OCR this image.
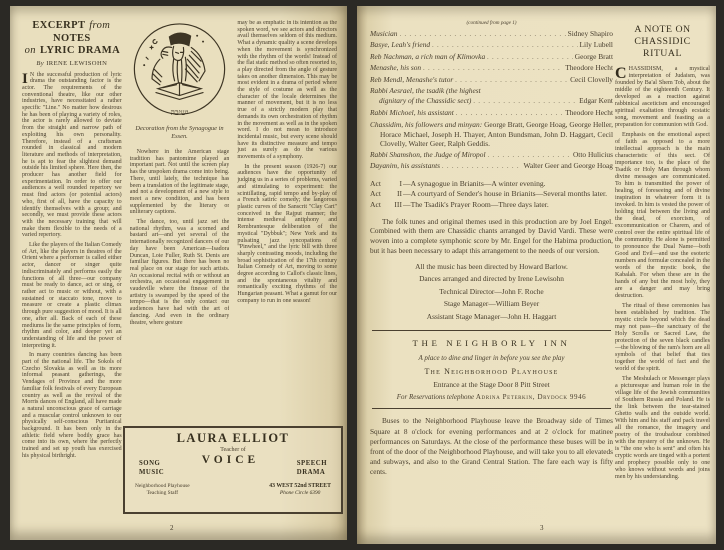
EXCERPT from NOTES
on LYRIC DRAMA
By IRENE LEWISOHN

I N the successful production of lyric drama the outstanding factor is the actor. The requirements of the conventional theatre, like our other industries, have necessitated a rather specific "Line." No matter how desirous he has been of playing a variety of roles, the actor is rarely allowed to deviate from the straight and narrow path of exploiting his own personality. Therefore, instead of a craftsman rounded in classical and modern literature and methods of interpretation, he is apt to fear the slightest demand outside his limited sphere. Here then, the producer has another field for experimentation. In order to offer our audiences a well rounded repertory we must find actors (or potential actors) who, first of all, have the capacity to identify themselves with a group; and secondly, we must provide these actors with the necessary training that will make them flexible to the needs of a varied repertory.

Like the players of the Italian Comedy of Art, like the players in theatres of the Orient where a performer is called either actor, dancer or singer quite indiscriminately and performs easily the functions of all three—our company must be ready to dance, act or sing, or rather act to music or without, with a sustained or staccato tone, move to measure or create a plastic climax through pure suggestion of mood. It is all one, after all. Back of each of these mediums lie the same principles of form, rhythm and color, and deeper yet an understanding of life and the power of interpreting it.

In many countries dancing has been part of the national life. The Sokols of Czecho Slovakia as well as its more informal peasant gatherings, the Vendages of Province and the more familiar folk festivals of every European country as well as the revival of the Morris dances of England, all have made a natural unconscious grace of carriage and a muscular control unknown to our physically self-conscious Puritanical background. It has been only in the athletic field where bodily grace has come into its own, where the perfectly trained and set up youth has exercised his physical birthright.

ישיבה
Decoration from the Synagogue in Essen.

Nowhere in the American stage tradition has pantomime played an important part. Not until the screen play has the unspoken drama come into being. There, until lately, the technique has been a translation of the legitimate stage, and not a development of a new style to meet a new condition, and has been supplemented by the literary or unliterary captions.

The dance, too, until jazz set the national rhythm, was a scorned and bastard art—and yet several of the internationally recognized dancers of our day have been American—Isadora Duncan, Loie Fuller, Ruth St. Denis are familiar figures. But there has been no real place on our stage for such artists. An occasional recital with or without an orchestra, an occasional engagement in vaudeville where the finesse of the artistry is swamped by the speed of the tempo—that is the only contact our audiences have had with the art of dancing. And even in the ordinary theatre, where gesture

may be as emphatic in its intention as the spoken word, we see actors and directors avail themselves seldom of this medium. What a dynamic quality a scene develops when the movement is synchronized with the rhythm of the words! Instead of the flat static method so often resorted to, a play directed from the angle of gesture takes on another dimension. This may be most evident in a drama of period where the style of costume as well as the character of the locale determines the manner of movement, but it is no less true of a strictly modern play that demands its own orchestration of rhythm in the movement as well as in the spoken word. I do not mean to introduce incidental music, but every scene should have its distinctive measure and tempo just as surely as do the various movements of a symphony.

In the present season (1926-7) our audiences have the opportunity of judging us in a series of problems, varied and stimulating to experiment: the scintillating, rapid tempo and by-play of a French satiric comedy; the langorous plastic curves of the Sanscrit "Clay Cart" conceived in the Rajput manner; the intense medieval antiphony and Rembrantesque deliberation of the mystical "Dybbuk"; New York and its pulsating jazz syncopations of "Pinwheel," and the lyric bill with three sharply contrasting moods, including the broad sophistication of the 17th century Italian Comedy of Art, moving to some degree according to Callot's classic lines, and the spontaneous vitality and romantically exciting rhythms of the Hungarian peasant. What a gamut for our company to run in one season!

LAURA ELLIOT
Teacher of
SONG
MUSIC
VOICE	SPEECH
DRAMA
Neighborhood Playhouse
Teaching Staff
43 WEST 52nd STREET
Phone Circle 6390
2
(continued from page 1)
Musician . . .	Sidney Shapiro
Basye, Leah's friend . . .	Lily Lubell
Reb Nachman, a rich man of Klimovka . . .	George Bratt
Menashe, his son . . .	Theodore Hecht
Reb Mendl, Menashe's tutor . . .	Cecil Clovelly
Rabbi Aesrael, the tsadik (the highest
dignitary of the Chassidic sect) . . .	Edgar Kent
Rabbi Michoel, his assistant . . .	Theodore Hecht
Chassidim, his followers and minyan: George Bratt, George Hoag, George Heller, Horace Michael, Joseph H. Thayer, Anton Bundsman, John D. Haggart, Cecil Clovelly, Walter Geer, Ralph Geddis.
Rabbi Shamshon, the Judge of Miropol . . .	Otto Hulicius
Dayanim, his assistants . . .	Walter Geer and George Hoag
Act	I —A synagogue in Brianits—A winter evening.
Act	II —A courtyard of Sender's house in Brianits—Several months later.
Act	III —The Tsadik's Prayer Room—Three days later.
The folk tunes and original themes used in this production are by Joel Engel. Combined with them are Chassidic chants arranged by David Vardi. These were woven into a complete symphonic score by Mr. Engel for the Habima production, but it has been necessary to adapt this arrangement to the needs of our version.
All the music has been directed by Howard Barlow.
Dances arranged and directed by Irene Lewisohn
Technical Director—John F. Roche
Stage Manager—William Beyer
Assistant Stage Manager—John H. Haggart
THE NEIGHBORLY INN
A place to dine and linger in before you see the play
The Neighborhood Playhouse
Entrance at the Stage Door 8 Pitt Street
For Reservations telephone Adrina Peterkin, Drydock 9946
Buses to the Neighborhood Playhouse leave the Broadway side of Times Square at 8 o'clock for evening performances and at 2 o'clock for matinee performances on Saturdays. At the close of the performance these buses will be in front of the door of the Neighborhood Playhouse, and will take you to all elevateds and subways, and also to the Grand Central Station. The fare each way is fifty cents.
A NOTE ON
CHASSIDIC RITUAL

CHASSIDISM, a mystical interpretation of Judaism, was founded by Ba'al Shem Tob, about the middle of the eighteenth Century. It developed as a reaction against rabbinical asceticism and encouraged spiritual exaltation through ecstatic song, movement and feasting as a preparation for communion with God.

Emphasis on the emotional aspect of faith as opposed to a more intellectual approach is the main characteristic of this sect. Of importance too, is the place of the Tsadik or Holy Man through whom divine messages are communicated. To him is transmitted the power of healing, of foreseeing and of divine inspiration in whatever form it is invoked. In him is vested the power of holding trial between the living and the dead, of exorcism, of excommunication or Charem, and of control over the entire spiritual life of the community. He alone is permitted to pronounce the Dual Name—both Good and Evil—and use the esoteric numbers and formulæ concealed in the words of the mystic book, the Kabalah. For when these are in the hands of any but the most holy, they are a danger and may bring destruction.

The ritual of these ceremonies has been established by tradition. The mystic circle beyond which the dead may not pass—the sanctuary of the Holy Scrolls or Sacred Law, the protection of the seven black candles—the blowing of the ram's horn are all symbols of that belief that ties together the world of fact and the world of the spirit.

The Meshulach or Messenger plays a picturesque and human role in the village life of the Jewish communities of Southern Russia and Poland. He is the link between the tear-stained Ghetto walls and the outside world. With him and his staff and pack travel all the romance, the imagery and poetry of the troubadour combined with the mystery of the unknown. He is "the one who is sent" and often his cryptic words are tinged with a portent and prophecy possible only to one who knows without words and joins men by his understanding.

3
